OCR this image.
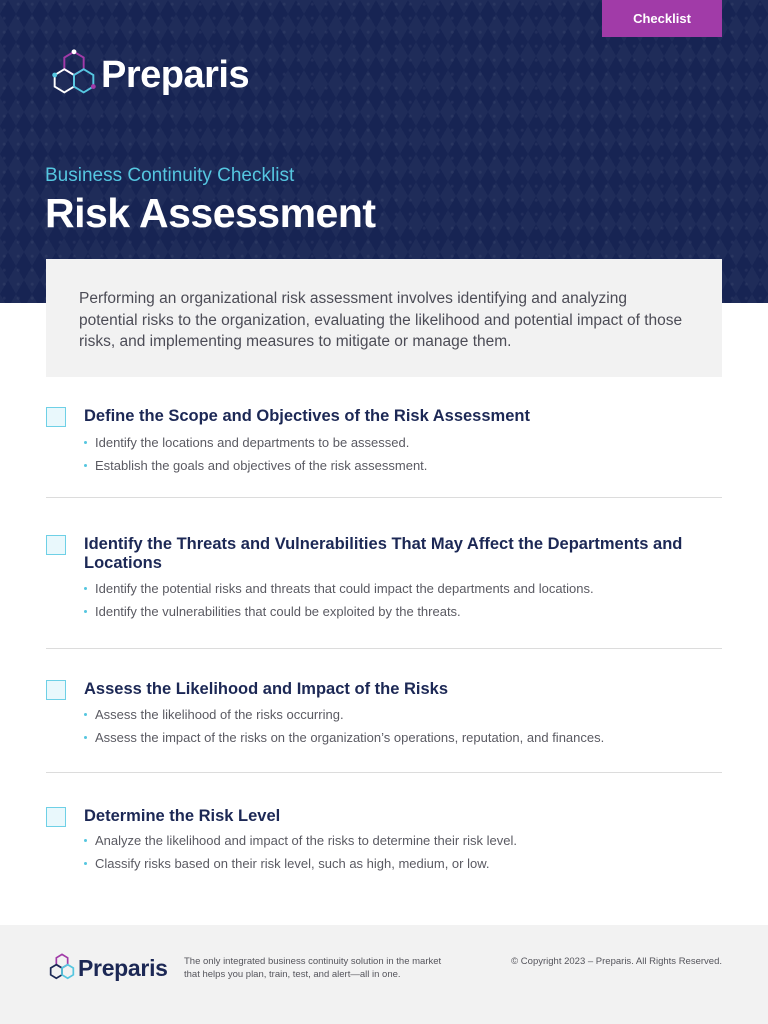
Checklist
Preparis
Business Continuity Checklist
Risk Assessment
Performing an organizational risk assessment involves identifying and analyzing potential risks to the organization, evaluating the likelihood and potential impact of those risks, and implementing measures to mitigate or manage them.
Define the Scope and Objectives of the Risk Assessment
Identify the locations and departments to be assessed.
Establish the goals and objectives of the risk assessment.
Identify the Threats and Vulnerabilities That May Affect the Departments and Locations
Identify the potential risks and threats that could impact the departments and locations.
Identify the vulnerabilities that could be exploited by the threats.
Assess the Likelihood and Impact of the Risks
Assess the likelihood of the risks occurring.
Assess the impact of the risks on the organization’s operations, reputation, and finances.
Determine the Risk Level
Analyze the likelihood and impact of the risks to determine their risk level.
Classify risks based on their risk level, such as high, medium, or low.
Preparis The only integrated business continuity solution in the market
that helps you plan, train, test, and alert—all in one.
© Copyright 2023 – Preparis. All Rights Reserved.
